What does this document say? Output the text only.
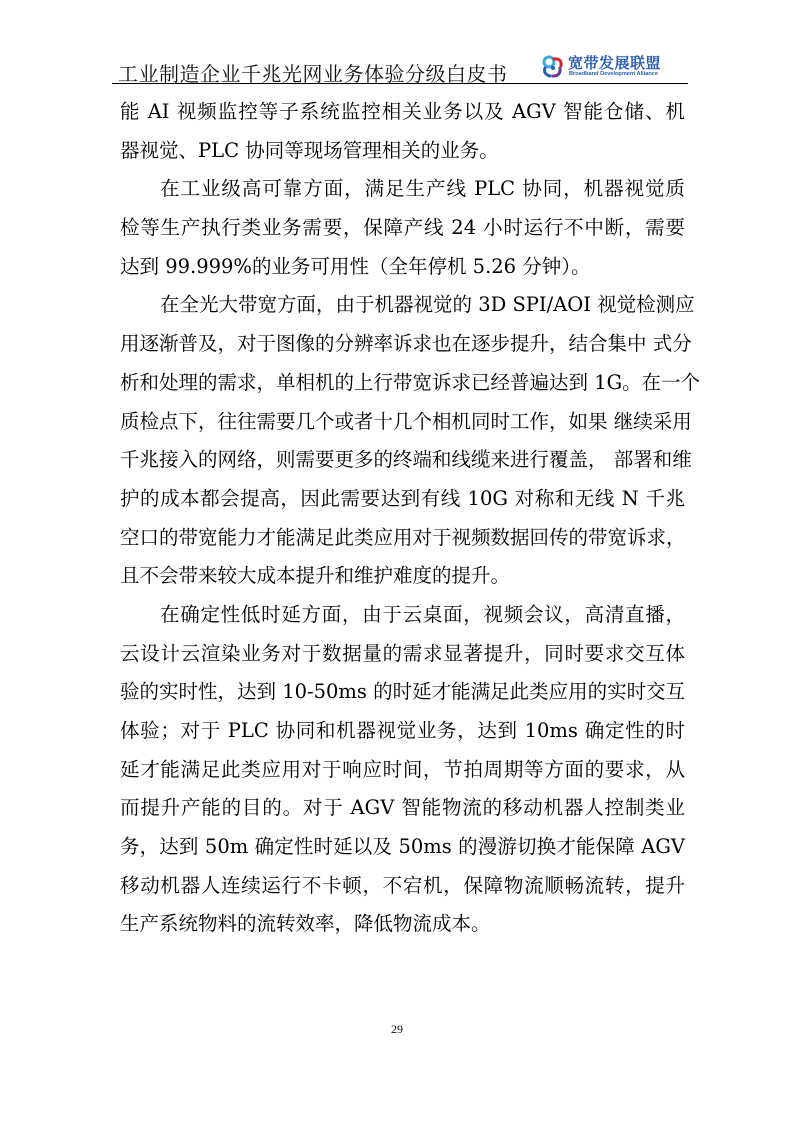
工业制造企业千兆光网业务体验分级白皮书	宽带发展联盟
Broadband Development Alliance
能 AI 视频监控等子系统监控相关业务以及 AGV 智能仓储、机
器视觉、PLC 协同等现场管理相关的业务。
在工业级高可靠方面，满足生产线 PLC 协同，机器视觉质
检等生产执行类业务需要，保障产线 24 小时运行不中断，需要
达到 99.999%的业务可用性（全年停机 5.26 分钟）。
在全光大带宽方面，由于机器视觉的 3D SPI/AOI 视觉检测应
用逐渐普及，对于图像的分辨率诉求也在逐步提升，结合集中 式分
析和处理的需求，单相机的上行带宽诉求已经普遍达到 1G。在一个
质检点下，往往需要几个或者十几个相机同时工作，如果 继续采用
千兆接入的网络，则需要更多的终端和线缆来进行覆盖， 部署和维
护的成本都会提高，因此需要达到有线 10G 对称和无线 N 千兆
空口的带宽能力才能满足此类应用对于视频数据回传的带宽诉求，
且不会带来较大成本提升和维护难度的提升。
在确定性低时延方面，由于云桌面，视频会议，高清直播，
云设计云渲染业务对于数据量的需求显著提升，同时要求交互体
验的实时性，达到 10-50ms 的时延才能满足此类应用的实时交互
体验；对于 PLC 协同和机器视觉业务，达到 10ms 确定性的时
延才能满足此类应用对于响应时间，节拍周期等方面的要求，从
而提升产能的目的。对于 AGV 智能物流的移动机器人控制类业
务，达到 50m 确定性时延以及 50ms 的漫游切换才能保障 AGV
移动机器人连续运行不卡顿，不宕机，保障物流顺畅流转，提升
生产系统物料的流转效率，降低物流成本。
29
